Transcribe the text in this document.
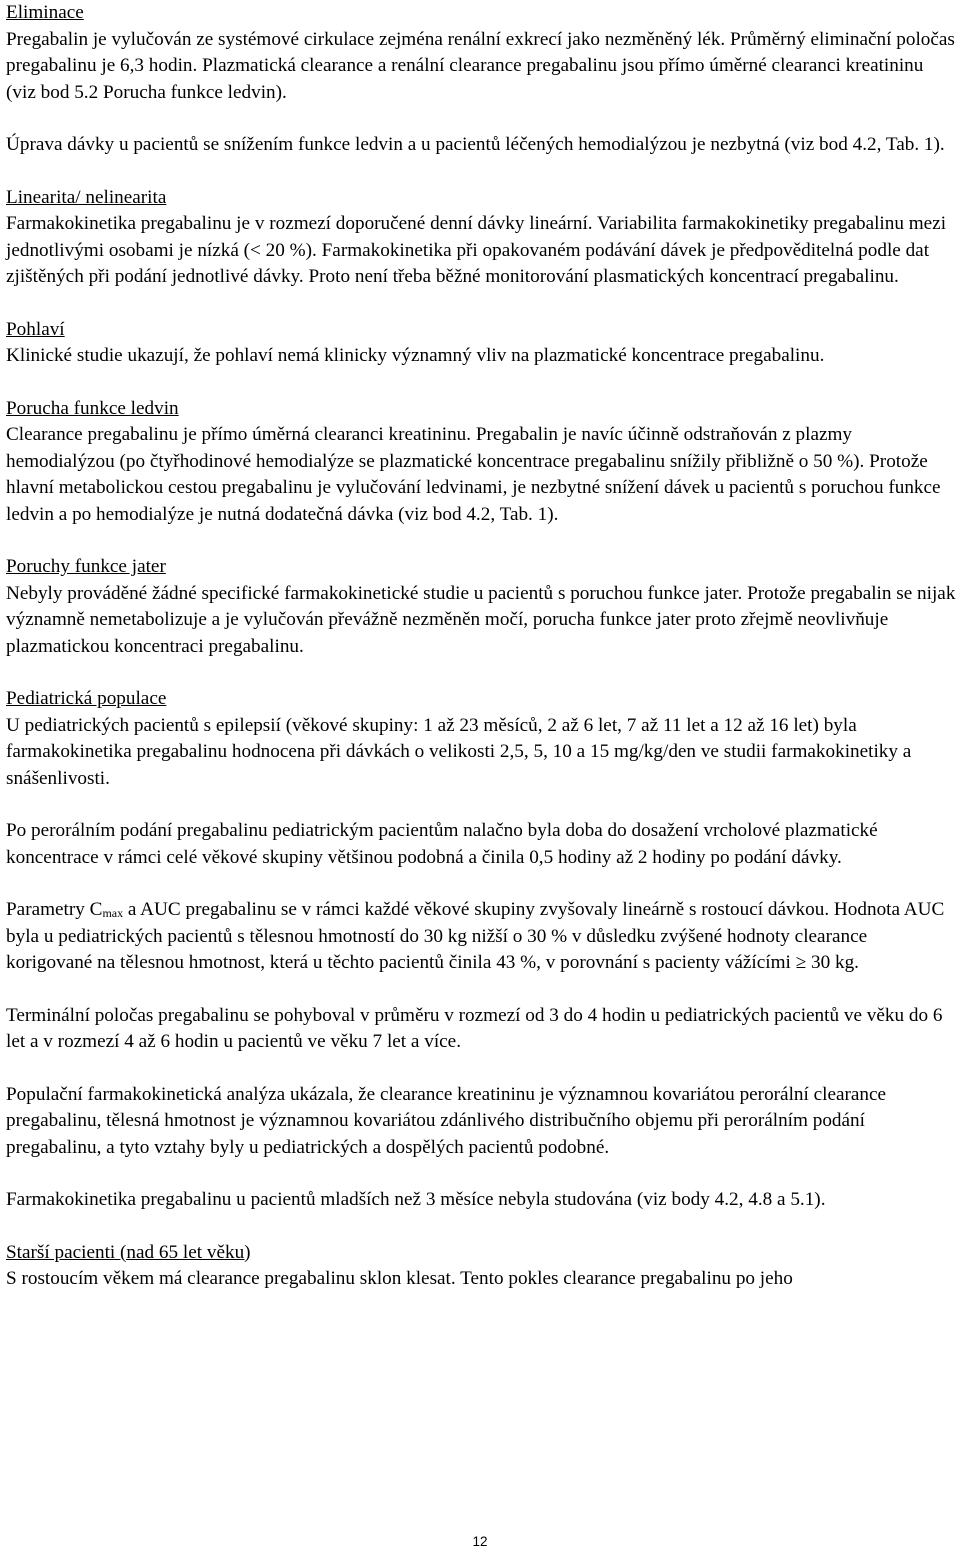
Eliminace

Pregabalin je vylučován ze systémové cirkulace zejména renální exkrecí jako nezměněný lék. Průměrný eliminační poločas pregabalinu je 6,3 hodin. Plazmatická clearance a renální clearance pregabalinu jsou přímo úměrné clearanci kreatininu (viz bod 5.2 Porucha funkce ledvin).

Úprava dávky u pacientů se snížením funkce ledvin a u pacientů léčených hemodialýzou je nezbytná (viz bod 4.2, Tab. 1).

Linearita/ nelinearita

Farmakokinetika pregabalinu je v rozmezí doporučené denní dávky lineární. Variabilita farmakokinetiky pregabalinu mezi jednotlivými osobami je nízká (< 20 %). Farmakokinetika při opakovaném podávání dávek je předpověditelná podle dat zjištěných při podání jednotlivé dávky. Proto není třeba běžné monitorování plasmatických koncentrací pregabalinu.

Pohlaví

Klinické studie ukazují, že pohlaví nemá klinicky významný vliv na plazmatické koncentrace pregabalinu.

Porucha funkce ledvin

Clearance pregabalinu je přímo úměrná clearanci kreatininu. Pregabalin je navíc účinně odstraňován z plazmy hemodialýzou (po čtyřhodinové hemodialýze se plazmatické koncentrace pregabalinu snížily přibližně o 50 %). Protože hlavní metabolickou cestou pregabalinu je vylučování ledvinami, je nezbytné snížení dávek u pacientů s poruchou funkce ledvin a po hemodialýze je nutná dodatečná dávka (viz bod 4.2, Tab. 1).

Poruchy funkce jater

Nebyly prováděné žádné specifické farmakokinetické studie u pacientů s poruchou funkce jater. Protože pregabalin se nijak významně nemetabolizuje a je vylučován převážně nezměněn močí, porucha funkce jater proto zřejmě neovlivňuje plazmatickou koncentraci pregabalinu.

Pediatrická populace

U pediatrických pacientů s epilepsií (věkové skupiny: 1 až 23 měsíců, 2 až 6 let, 7 až 11 let a 12 až 16 let) byla farmakokinetika pregabalinu hodnocena při dávkách o velikosti 2,5, 5, 10 a 15 mg/kg/den ve studii farmakokinetiky a snášenlivosti.

Po perorálním podání pregabalinu pediatrickým pacientům nalačno byla doba do dosažení vrcholové plazmatické koncentrace v rámci celé věkové skupiny většinou podobná a činila 0,5 hodiny až 2 hodiny po podání dávky.

Parametry $C_{max}$ a AUC pregabalinu se v rámci každé věkové skupiny zvyšovaly lineárně s rostoucí dávkou. Hodnota AUC byla u pediatrických pacientů s tělesnou hmotností do 30 kg nižší o 30 % v důsledku zvýšené hodnoty clearance korigované na tělesnou hmotnost, která u těchto pacientů činila 43 %, v porovnání s pacienty vážícími ≥ 30 kg.

Terminální poločas pregabalinu se pohyboval v průměru v rozmezí od 3 do 4 hodin u pediatrických pacientů ve věku do 6 let a v rozmezí 4 až 6 hodin u pacientů ve věku 7 let a více.

Populační farmakokinetická analýza ukázala, že clearance kreatininu je významnou kovariátou perorální clearance pregabalinu, tělesná hmotnost je významnou kovariátou zdánlivého distribučního objemu při perorálním podání pregabalinu, a tyto vztahy byly u pediatrických a dospělých pacientů podobné.

Farmakokinetika pregabalinu u pacientů mladších než 3 měsíce nebyla studována (viz body 4.2, 4.8 a 5.1).

Starší pacienti (nad 65 let věku)

S rostoucím věkem má clearance pregabalinu sklon klesat. Tento pokles clearance pregabalinu po jeho

12
